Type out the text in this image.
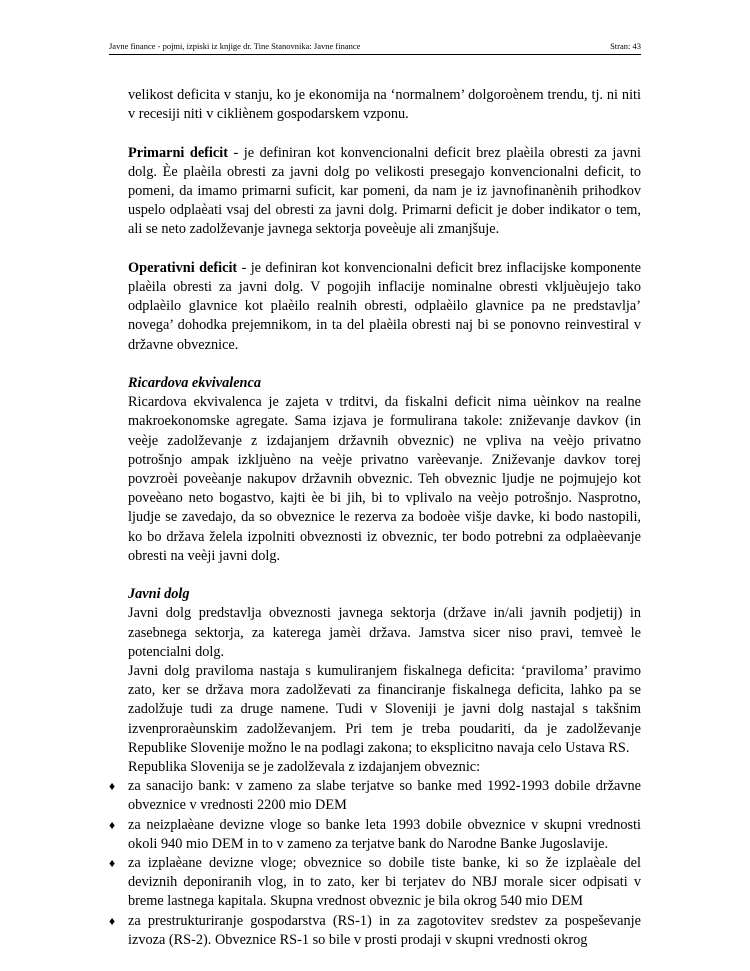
Javne finance - pojmi, izpiski iz knjige dr. Tine Stanovnika: Javne finance	Stran: 43

velikost deficita v stanju, ko je ekonomija na ‘normalnem’ dolgoroènem trendu, tj. ni niti v recesiji niti v cikliènem gospodarskem vzponu.

Primarni deficit - je definiran kot konvencionalni deficit brez plaèila obresti za javni dolg. Èe plaèila obresti za javni dolg po velikosti presegajo konvencionalni deficit, to pomeni, da imamo primarni suficit, kar pomeni, da nam je iz javnofinanènih prihodkov uspelo odplaèati vsaj del obresti za javni dolg. Primarni deficit je dober indikator o tem, ali se neto zadolževanje javnega sektorja poveèuje ali zmanjšuje.

Operativni deficit - je definiran kot konvencionalni deficit brez inflacijske komponente plaèila obresti za javni dolg. V pogojih inflacije nominalne obresti vkljuèujejo tako odplaèilo glavnice kot plaèilo realnih obresti, odplaèilo glavnice pa ne predstavlja’ novega’ dohodka prejemnikom, in ta del plaèila obresti naj bi se ponovno reinvestiral v državne obveznice.

Ricardova ekvivalenca

Ricardova ekvivalenca je zajeta v trditvi, da fiskalni deficit nima uèinkov na realne makroekonomske agregate. Sama izjava je formulirana takole: zniževanje davkov (in veèje zadolževanje z izdajanjem državnih obveznic) ne vpliva na veèjo privatno potrošnjo ampak izkljuèno na veèje privatno varèevanje. Zniževanje davkov torej povzroèi poveèanje nakupov državnih obveznic. Teh obveznic ljudje ne pojmujejo kot poveèano neto bogastvo, kajti èe bi jih, bi to vplivalo na veèjo potrošnjo. Nasprotno, ljudje se zavedajo, da so obveznice le rezerva za bodoèe višje davke, ki bodo nastopili, ko bo država želela izpolniti obveznosti iz obveznic, ter bodo potrebni za odplaèevanje obresti na veèji javni dolg.

Javni dolg

Javni dolg predstavlja obveznosti javnega sektorja (države in/ali javnih podjetij) in zasebnega sektorja, za katerega jamèi država. Jamstva sicer niso pravi, temveè le potencialni dolg.

Javni dolg praviloma nastaja s kumuliranjem fiskalnega deficita: ‘praviloma’ pravimo zato, ker se država mora zadolževati za financiranje fiskalnega deficita, lahko pa se zadolžuje tudi za druge namene. Tudi v Sloveniji je javni dolg nastajal s takšnim izvenproraèunskim zadolževanjem. Pri tem je treba poudariti, da je zadolževanje Republike Slovenije možno le na podlagi zakona; to eksplicitno navaja celo Ustava RS.

Republika Slovenija se je zadolževala z izdajanjem obveznic:

♦ za sanacijo bank: v zameno za slabe terjatve so banke med 1992-1993 dobile državne obveznice v vrednosti 2200 mio DEM
♦ za neizplaèane devizne vloge so banke leta 1993 dobile obveznice v skupni vrednosti okoli 940 mio DEM in to v zameno za terjatve bank do Narodne Banke Jugoslavije.
♦ za izplaèane devizne vloge; obveznice so dobile tiste banke, ki so že izplaèale del deviznih deponiranih vlog, in to zato, ker bi terjatev do NBJ morale sicer odpisati v breme lastnega kapitala. Skupna vrednost obveznic je bila okrog 540 mio DEM
♦ za prestrukturiranje gospodarstva (RS-1) in za zagotovitev sredstev za pospeševanje izvoza (RS-2). Obveznice RS-1 so bile v prosti prodaji v skupni vrednosti okrog
